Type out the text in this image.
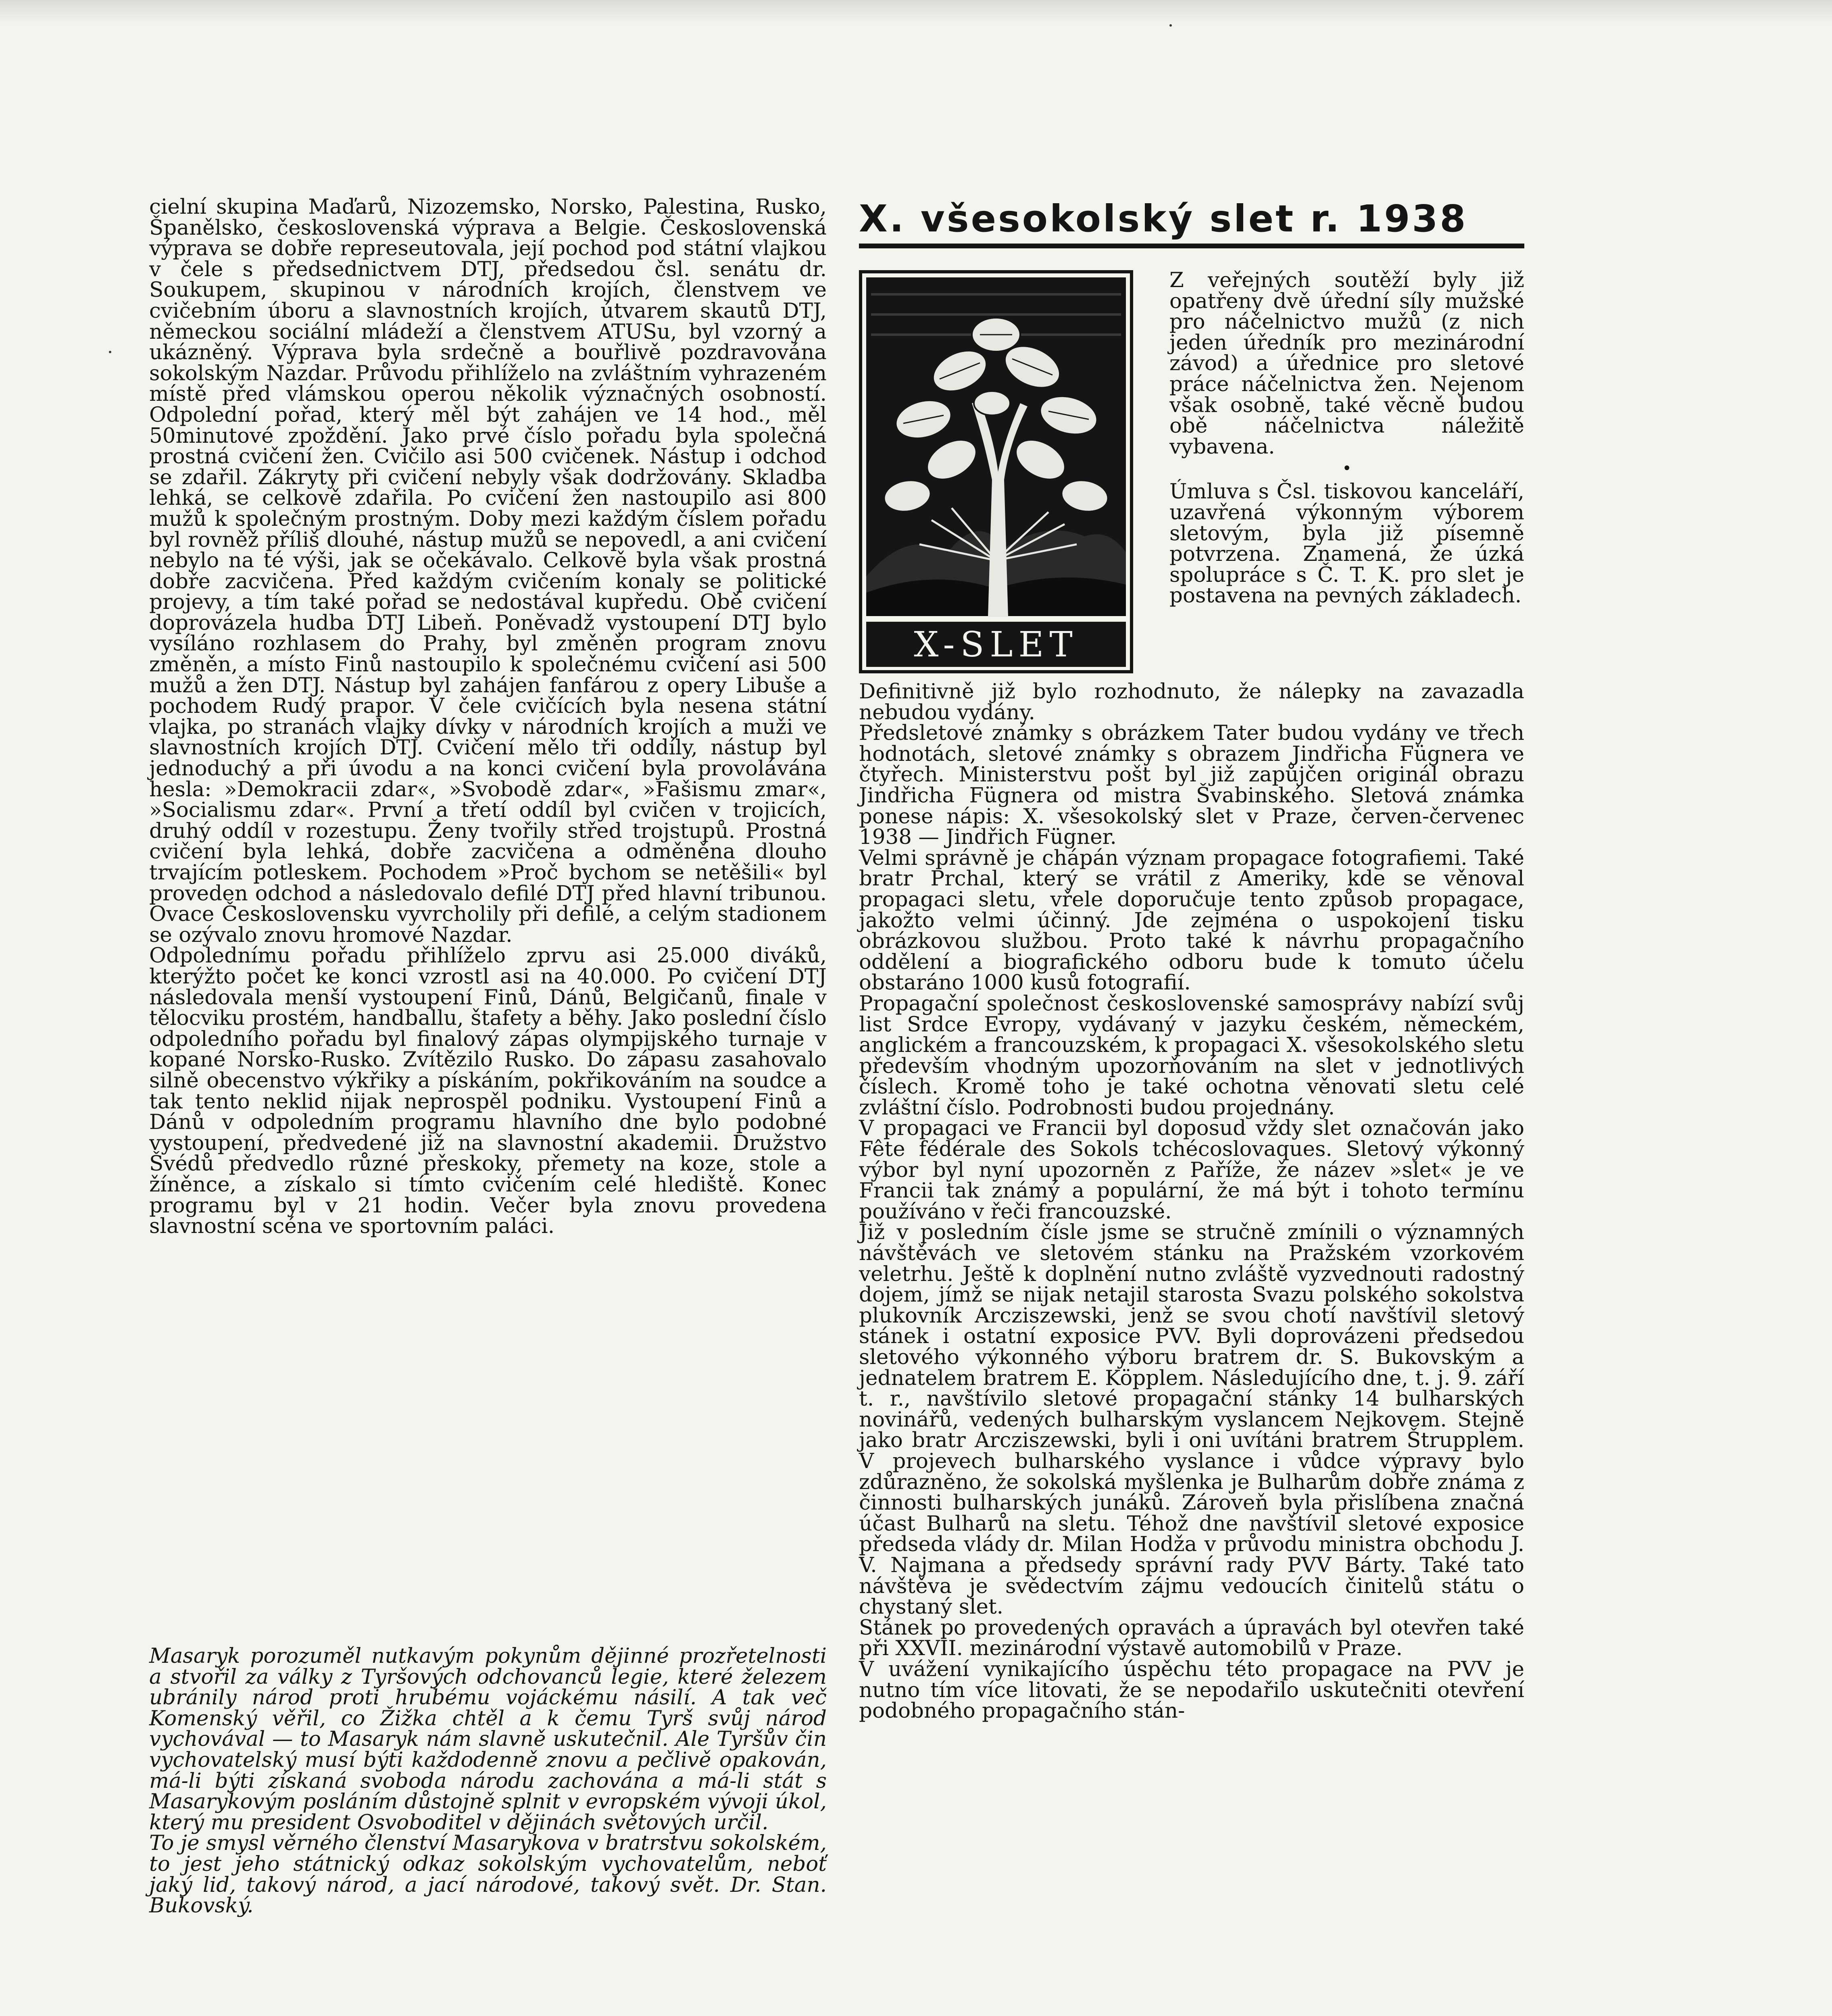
cielní skupina Maďarů, Nizozemsko, Norsko, Palestina, Rusko, Španělsko, československá výprava a Belgie. Československá výprava se dobře represeutovala, její pochod pod státní vlajkou v čele s předsednictvem DTJ, předsedou čsl. senátu dr. Soukupem, skupinou v národních krojích, členstvem ve cvičebním úboru a slavnostních krojích, útvarem skautů DTJ, německou sociální mládeží a členstvem ATUSu, byl vzorný a ukázněný. Výprava byla srdečně a bouřlivě pozdravována sokolským Nazdar. Průvodu přihlíželo na zvláštním vyhrazeném místě před vlámskou operou několik význačných osobností. Odpolední pořad, který měl být zahájen ve 14 hod., měl 50minutové zpoždění. Jako prvé číslo pořadu byla společná prostná cvičení žen. Cvičilo asi 500 cvičenek. Nástup i odchod se zdařil. Zákryty při cvičení nebyly však dodržovány. Skladba lehká, se celkově zdařila. Po cvičení žen nastoupilo asi 800 mužů k společným prostným. Doby mezi každým číslem pořadu byl rovněž příliš dlouhé, nástup mužů se nepovedl, a ani cvičení nebylo na té výši, jak se očekávalo. Celkově byla však prostná dobře zacvičena. Před každým cvičením konaly se politické projevy, a tím také pořad se nedostával kupředu. Obě cvičení doprovázela hudba DTJ Libeň. Poněvadž vystoupení DTJ bylo vysíláno rozhlasem do Prahy, byl změněn program znovu změněn, a místo Finů nastoupilo k společnému cvičení asi 500 mužů a žen DTJ. Nástup byl zahájen fanfárou z opery Libuše a pochodem Rudý prapor. V čele cvičících byla nesena státní vlajka, po stranách vlajky dívky v národních krojích a muži ve slavnostních krojích DTJ. Cvičení mělo tři oddíly, nástup byl jednoduchý a při úvodu a na konci cvičení byla provolávána hesla: »Demokracii zdar«, »Svobodě zdar«, »Fašismu zmar«, »Socialismu zdar«. První a třetí oddíl byl cvičen v trojicích, druhý oddíl v rozestupu. Ženy tvořily střed trojstupů. Prostná cvičení byla lehká, dobře zacvičena a odměněna dlouho trvajícím potleskem. Pochodem »Proč bychom se netěšili« byl proveden odchod a následovalo defilé DTJ před hlavní tribunou. Ovace Československu vyvrcholily při defilé, a celým stadionem se ozývalo znovu hromové Nazdar.

Odpolednímu pořadu přihlíželo zprvu asi 25.000 diváků, kterýžto počet ke konci vzrostl asi na 40.000. Po cvičení DTJ následovala menší vystoupení Finů, Dánů, Belgičanů, finale v tělocviku prostém, handballu, štafety a běhy. Jako poslední číslo odpoledního pořadu byl finalový zápas olympijského turnaje v kopané Norsko-Rusko. Zvítězilo Rusko. Do zápasu zasahovalo silně obecenstvo výkřiky a pískáním, pokřikováním na soudce a tak tento neklid nijak neprospěl podniku. Vystoupení Finů a Dánů v odpoledním programu hlavního dne bylo podobné vystoupení, předvedené již na slavnostní akademii. Družstvo Švédů předvedlo různé přeskoky, přemety na koze, stole a žíněnce, a získalo si tímto cvičením celé hlediště. Konec programu byl v 21 hodin. Večer byla znovu provedena slavnostní scéna ve sportovním paláci.

Masaryk porozuměl nutkavým pokynům dějinné prozřetelnosti a stvořil za války z Tyršových odchovanců legie, které železem ubránily národ proti hrubému vojáckému násilí. A tak več Komenský věřil, co Žižka chtěl a k čemu Tyrš svůj národ vychovával — to Masaryk nám slavně uskutečnil. Ale Tyršův čin vychovatelský musí býti každodenně znovu a pečlivě opakován, má-li býti získaná svoboda národu zachována a má-li stát s Masarykovým posláním důstojně splnit v evropském vývoji úkol, který mu president Osvoboditel v dějinách světových určil.

To je smysl věrného členství Masarykova v bratrstvu sokolském, to jest jeho státnický odkaz sokolským vychovatelům, neboť jaký lid, takový národ, a jací národové, takový svět. Dr. Stan. Bukovský.

X. všesokolský slet r. 1938
X-SLET

Z veřejných soutěží byly již opatřeny dvě úřední síly mužské pro náčelnictvo mužů (z nich jeden úředník pro mezinárodní závod) a úřednice pro sletové práce náčelnictva žen. Nejenom však osobně, také věcně budou obě náčelnictva náležitě vybavena.

•

Úmluva s Čsl. tiskovou kanceláří, uzavřená výkonným výborem sletovým, byla již písemně potvrzena. Znamená, že úzká spolupráce s Č. T. K. pro slet je postavena na pevných základech.

Definitivně již bylo rozhodnuto, že nálepky na zavazadla nebudou vydány.

Předsletové známky s obrázkem Tater budou vydány ve třech hodnotách, sletové známky s obrazem Jindřicha Fügnera ve čtyřech. Ministerstvu pošt byl již zapůjčen originál obrazu Jindřicha Fügnera od mistra Švabinského. Sletová známka ponese nápis: X. všesokolský slet v Praze, červen-červenec 1938 — Jindřich Fügner.

Velmi správně je chápán význam propagace fotografiemi. Také bratr Prchal, který se vrátil z Ameriky, kde se věnoval propagaci sletu, vřele doporučuje tento způsob propagace, jakožto velmi účinný. Jde zejména o uspokojení tisku obrázkovou službou. Proto také k návrhu propagačního oddělení a biografického odboru bude k tomuto účelu obstaráno 1000 kusů fotografií.

Propagační společnost československé samosprávy nabízí svůj list Srdce Evropy, vydávaný v jazyku českém, německém, anglickém a francouzském, k propagaci X. všesokolského sletu především vhodným upozorňováním na slet v jednotlivých číslech. Kromě toho je také ochotna věnovati sletu celé zvláštní číslo. Podrobnosti budou projednány.

V propagaci ve Francii byl doposud vždy slet označován jako Fête fédérale des Sokols tchécoslovaques. Sletový výkonný výbor byl nyní upozorněn z Paříže, že název »slet« je ve Francii tak známý a populární, že má být i tohoto termínu používáno v řeči francouzské.

Již v posledním čísle jsme se stručně zmínili o významných návštěvách ve sletovém stánku na Pražském vzorkovém veletrhu. Ještě k doplnění nutno zvláště vyzvednouti radostný dojem, jímž se nijak netajil starosta Svazu polského sokolstva plukovník Arcziszewski, jenž se svou chotí navštívil sletový stánek i ostatní exposice PVV. Byli doprovázeni předsedou sletového výkonného výboru bratrem dr. S. Bukovským a jednatelem bratrem E. Köpplem. Následujícího dne, t. j. 9. září t. r., navštívilo sletové propagační stánky 14 bulharských novinářů, vedených bulharským vyslancem Nejkovem. Stejně jako bratr Arcziszewski, byli i oni uvítáni bratrem Štrupplem. V projevech bulharského vyslance i vůdce výpravy bylo zdůrazněno, že sokolská myšlenka je Bulharům dobře známa z činnosti bulharských junáků. Zároveň byla přislíbena značná účast Bulharů na sletu. Téhož dne navštívil sletové exposice předseda vlády dr. Milan Hodža v průvodu ministra obchodu J. V. Najmana a předsedy správní rady PVV Bárty. Také tato návštěva je svědectvím zájmu vedoucích činitelů státu o chystaný slet.

Stánek po provedených opravách a úpravách byl otevřen také při XXVII. mezinárodní výstavě automobilů v Praze.

V uvážení vynikajícího úspěchu této propagace na PVV je nutno tím více litovati, že se nepodařilo uskutečniti otevření podobného propagačního stán-
